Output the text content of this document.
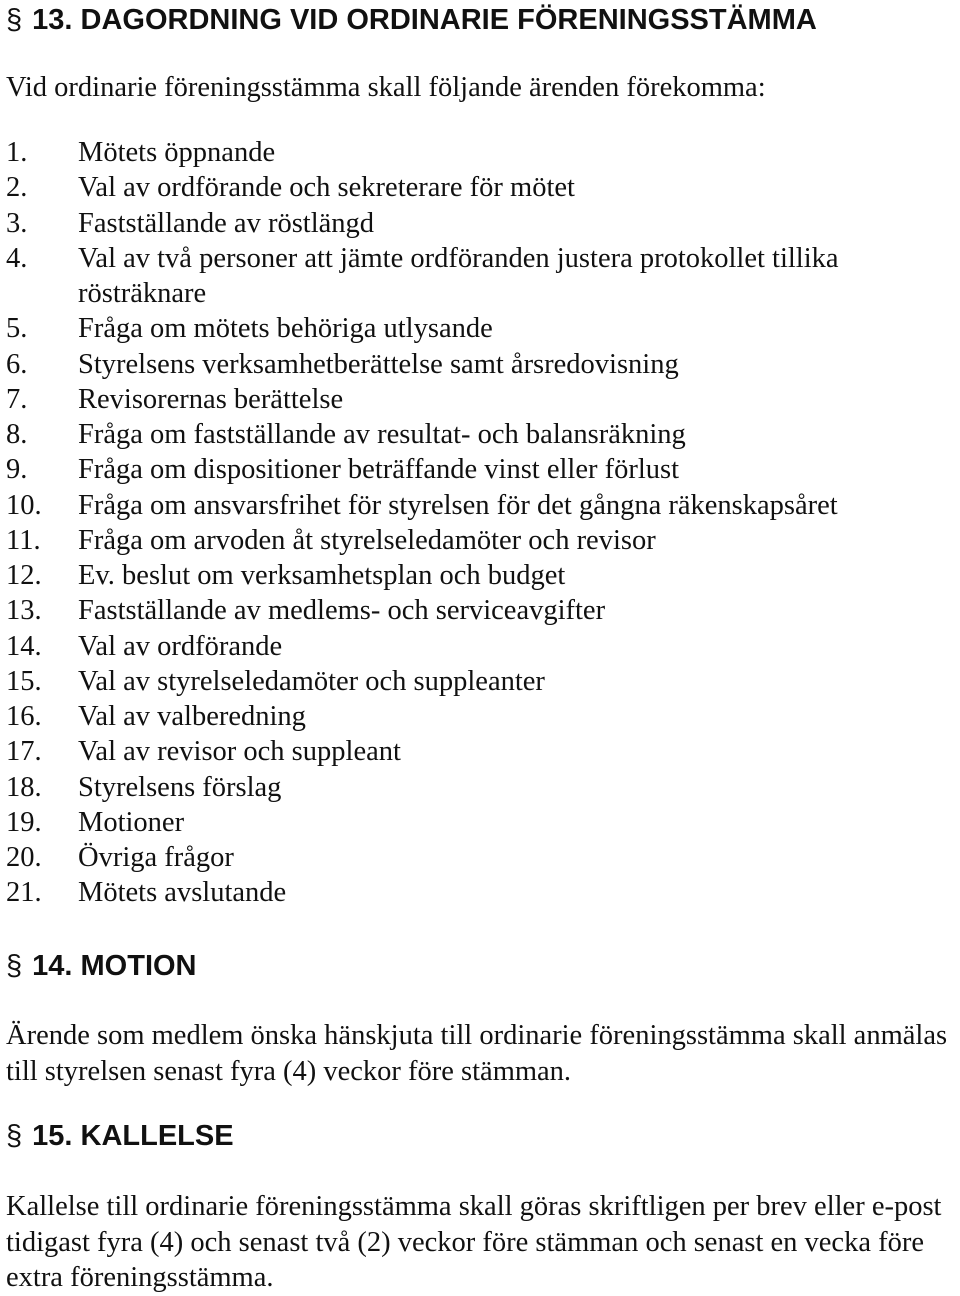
§ 13. DAGORDNING VID ORDINARIE FÖRENINGSSTÄMMA
Vid ordinarie föreningsstämma skall följande ärenden förekomma:
1.	Mötets öppnande
2.	Val av ordförande och sekreterare för mötet
3.	Fastställande av röstlängd
4.	Val av två personer att jämte ordföranden justera protokollet tillika rösträknare
5.	Fråga om mötets behöriga utlysande
6.	Styrelsens verksamhetberättelse samt årsredovisning
7.	Revisorernas berättelse
8.	Fråga om fastställande av resultat- och balansräkning
9.	Fråga om dispositioner beträffande vinst eller förlust
10.	Fråga om ansvarsfrihet för styrelsen för det gångna räkenskapsåret
11.	Fråga om arvoden åt styrelseledamöter och revisor
12.	Ev. beslut om verksamhetsplan och budget
13.	Fastställande av medlems- och serviceavgifter
14.	Val av ordförande
15.	Val av styrelseledamöter och suppleanter
16.	Val av valberedning
17.	Val av revisor och suppleant
18.	Styrelsens förslag
19.	Motioner
20.	Övriga frågor
21.	Mötets avslutande
§ 14. MOTION
Ärende som medlem önska hänskjuta till ordinarie föreningsstämma skall anmälas till styrelsen senast fyra (4) veckor före stämman.
§ 15. KALLELSE
Kallelse till ordinarie föreningsstämma skall göras skriftligen per brev eller e-post tidigast fyra (4) och senast två (2) veckor före stämman och senast en vecka före extra föreningsstämma.
